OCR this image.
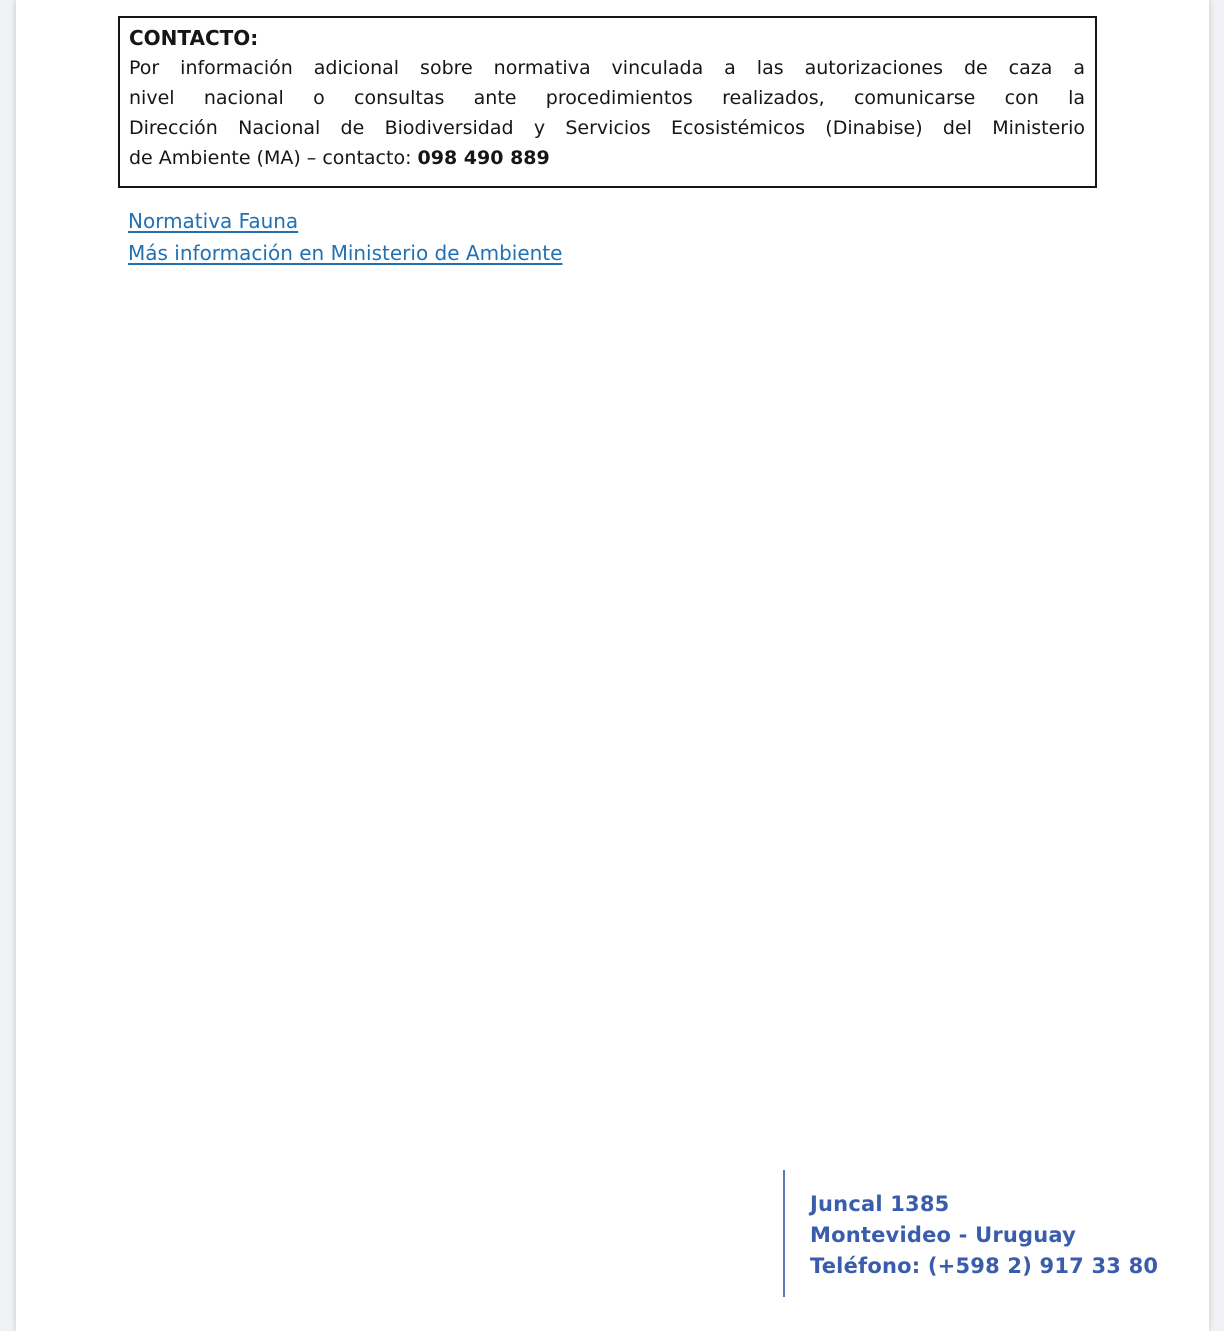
CONTACTO:
Por información adicional sobre normativa vinculada a las autorizaciones de caza a
nivel nacional o consultas ante procedimientos realizados, comunicarse con la
Dirección Nacional de Biodiversidad y Servicios Ecosistémicos (Dinabise) del Ministerio
de Ambiente (MA) – contacto: 098 490 889
Normativa Fauna
Más información en Ministerio de Ambiente
Juncal 1385
Montevideo - Uruguay
Teléfono: (+598 2) 917 33 80
